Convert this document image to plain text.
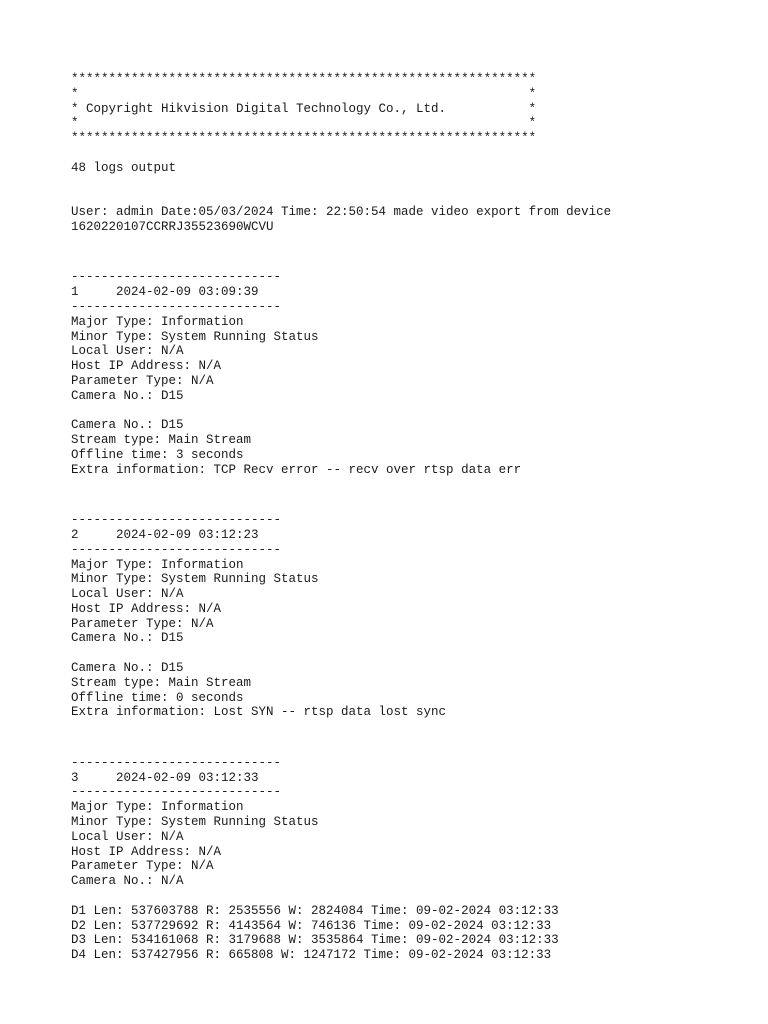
**************************************************************
*                                                            *
* Copyright Hikvision Digital Technology Co., Ltd.           *
*                                                            *
**************************************************************
48 logs output
User: admin Date:05/03/2024 Time: 22:50:54 made video export from device
1620220107CCRRJ35523690WCVU
----------------------------
1     2024-02-09 03:09:39
----------------------------
Major Type: Information
Minor Type: System Running Status
Local User: N/A
Host IP Address: N/A
Parameter Type: N/A
Camera No.: D15
Camera No.: D15
Stream type: Main Stream
Offline time: 3 seconds
Extra information: TCP Recv error -- recv over rtsp data err
----------------------------
2     2024-02-09 03:12:23
----------------------------
Major Type: Information
Minor Type: System Running Status
Local User: N/A
Host IP Address: N/A
Parameter Type: N/A
Camera No.: D15
Camera No.: D15
Stream type: Main Stream
Offline time: 0 seconds
Extra information: Lost SYN -- rtsp data lost sync
----------------------------
3     2024-02-09 03:12:33
----------------------------
Major Type: Information
Minor Type: System Running Status
Local User: N/A
Host IP Address: N/A
Parameter Type: N/A
Camera No.: N/A
D1 Len: 537603788 R: 2535556 W: 2824084 Time: 09-02-2024 03:12:33
D2 Len: 537729692 R: 4143564 W: 746136 Time: 09-02-2024 03:12:33
D3 Len: 534161068 R: 3179688 W: 3535864 Time: 09-02-2024 03:12:33
D4 Len: 537427956 R: 665808 W: 1247172 Time: 09-02-2024 03:12:33
